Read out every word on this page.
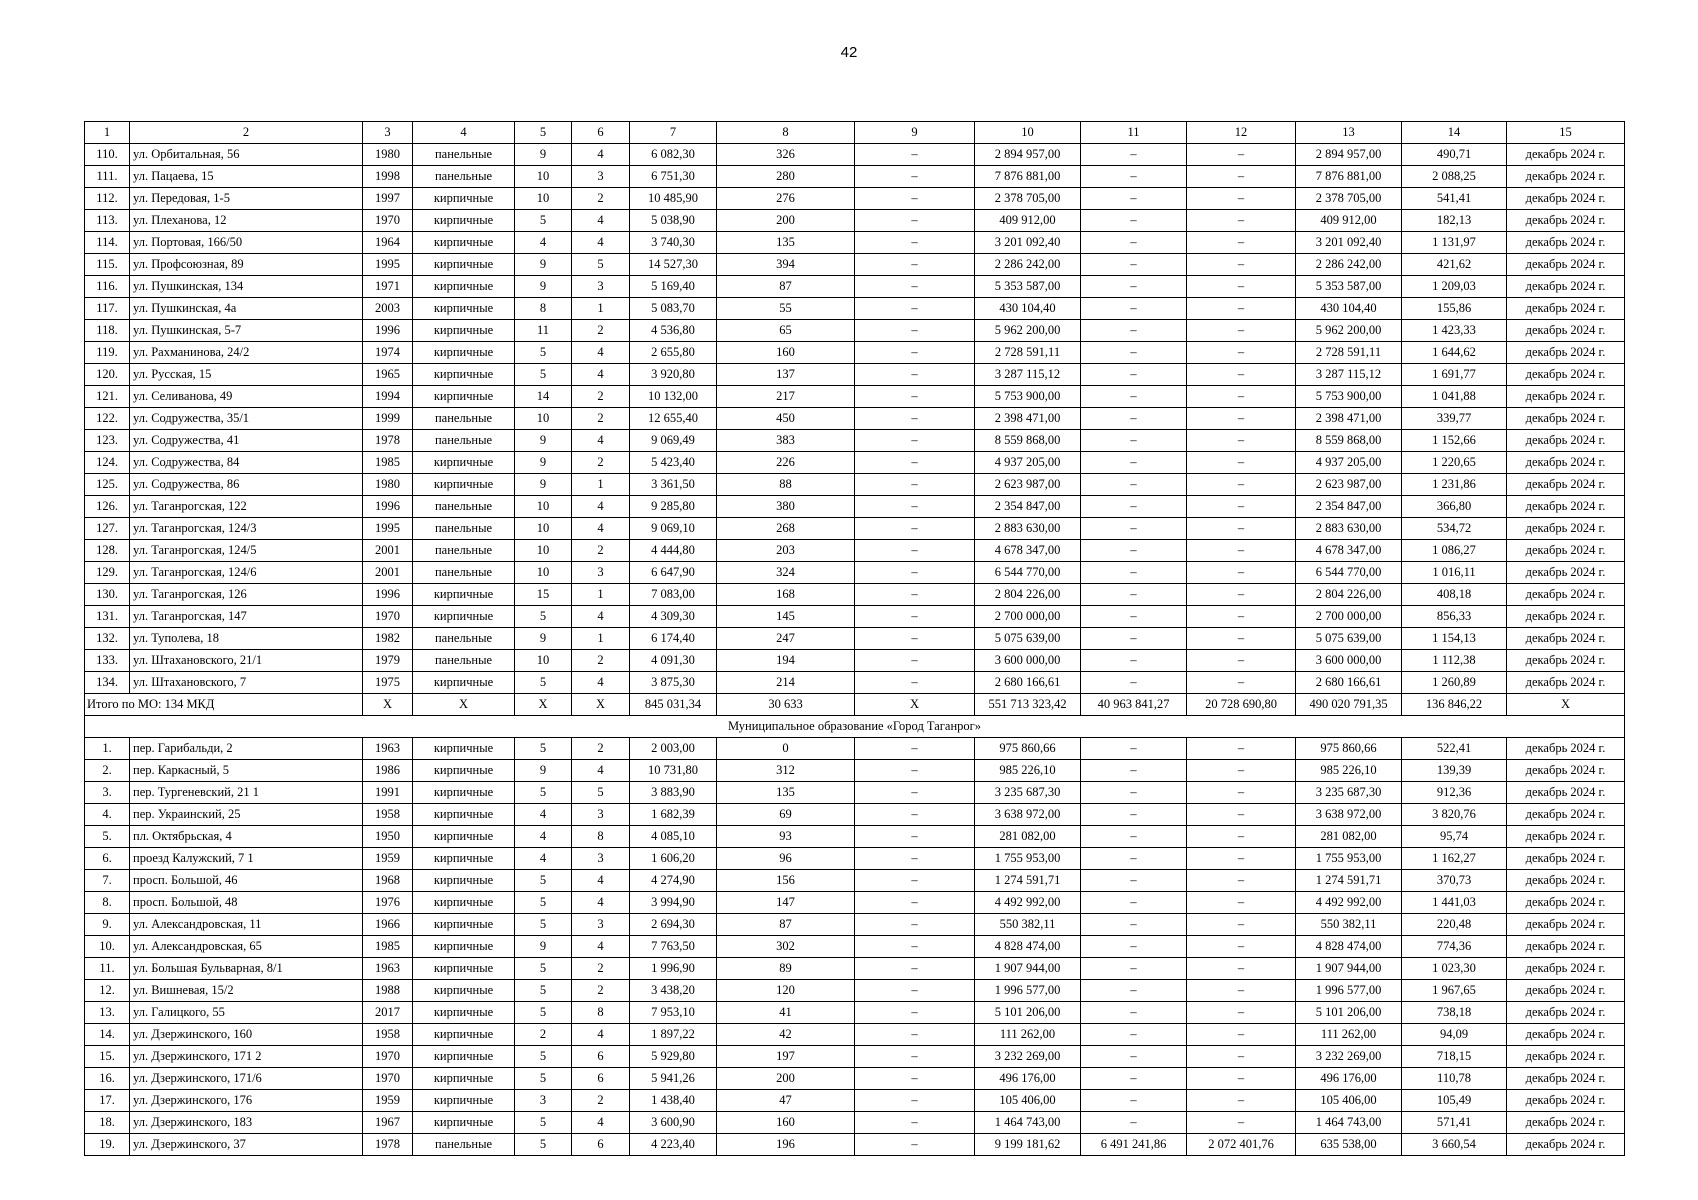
42
1	2	3	4	5	6	7	8	9	10	11	12	13	14	15
110.	ул. Орбитальная, 56	1980	панельные	9	4	6 082,30	326	–	2 894 957,00	–	–	2 894 957,00	490,71	декабрь 2024 г.
111.	ул. Пацаева, 15	1998	панельные	10	3	6 751,30	280	–	7 876 881,00	–	–	7 876 881,00	2 088,25	декабрь 2024 г.
112.	ул. Передовая, 1-5	1997	кирпичные	10	2	10 485,90	276	–	2 378 705,00	–	–	2 378 705,00	541,41	декабрь 2024 г.
113.	ул. Плеханова, 12	1970	кирпичные	5	4	5 038,90	200	–	409 912,00	–	–	409 912,00	182,13	декабрь 2024 г.
114.	ул. Портовая, 166/50	1964	кирпичные	4	4	3 740,30	135	–	3 201 092,40	–	–	3 201 092,40	1 131,97	декабрь 2024 г.
115.	ул. Профсоюзная, 89	1995	кирпичные	9	5	14 527,30	394	–	2 286 242,00	–	–	2 286 242,00	421,62	декабрь 2024 г.
116.	ул. Пушкинская, 134	1971	кирпичные	9	3	5 169,40	87	–	5 353 587,00	–	–	5 353 587,00	1 209,03	декабрь 2024 г.
117.	ул. Пушкинская, 4а	2003	кирпичные	8	1	5 083,70	55	–	430 104,40	–	–	430 104,40	155,86	декабрь 2024 г.
118.	ул. Пушкинская, 5-7	1996	кирпичные	11	2	4 536,80	65	–	5 962 200,00	–	–	5 962 200,00	1 423,33	декабрь 2024 г.
119.	ул. Рахманинова, 24/2	1974	кирпичные	5	4	2 655,80	160	–	2 728 591,11	–	–	2 728 591,11	1 644,62	декабрь 2024 г.
120.	ул. Русская, 15	1965	кирпичные	5	4	3 920,80	137	–	3 287 115,12	–	–	3 287 115,12	1 691,77	декабрь 2024 г.
121.	ул. Селиванова, 49	1994	кирпичные	14	2	10 132,00	217	–	5 753 900,00	–	–	5 753 900,00	1 041,88	декабрь 2024 г.
122.	ул. Содружества, 35/1	1999	панельные	10	2	12 655,40	450	–	2 398 471,00	–	–	2 398 471,00	339,77	декабрь 2024 г.
123.	ул. Содружества, 41	1978	панельные	9	4	9 069,49	383	–	8 559 868,00	–	–	8 559 868,00	1 152,66	декабрь 2024 г.
124.	ул. Содружества, 84	1985	кирпичные	9	2	5 423,40	226	–	4 937 205,00	–	–	4 937 205,00	1 220,65	декабрь 2024 г.
125.	ул. Содружества, 86	1980	кирпичные	9	1	3 361,50	88	–	2 623 987,00	–	–	2 623 987,00	1 231,86	декабрь 2024 г.
126.	ул. Таганрогская, 122	1996	панельные	10	4	9 285,80	380	–	2 354 847,00	–	–	2 354 847,00	366,80	декабрь 2024 г.
127.	ул. Таганрогская, 124/3	1995	панельные	10	4	9 069,10	268	–	2 883 630,00	–	–	2 883 630,00	534,72	декабрь 2024 г.
128.	ул. Таганрогская, 124/5	2001	панельные	10	2	4 444,80	203	–	4 678 347,00	–	–	4 678 347,00	1 086,27	декабрь 2024 г.
129.	ул. Таганрогская, 124/6	2001	панельные	10	3	6 647,90	324	–	6 544 770,00	–	–	6 544 770,00	1 016,11	декабрь 2024 г.
130.	ул. Таганрогская, 126	1996	кирпичные	15	1	7 083,00	168	–	2 804 226,00	–	–	2 804 226,00	408,18	декабрь 2024 г.
131.	ул. Таганрогская, 147	1970	кирпичные	5	4	4 309,30	145	–	2 700 000,00	–	–	2 700 000,00	856,33	декабрь 2024 г.
132.	ул. Туполева, 18	1982	панельные	9	1	6 174,40	247	–	5 075 639,00	–	–	5 075 639,00	1 154,13	декабрь 2024 г.
133.	ул. Штахановского, 21/1	1979	панельные	10	2	4 091,30	194	–	3 600 000,00	–	–	3 600 000,00	1 112,38	декабрь 2024 г.
134.	ул. Штахановского, 7	1975	кирпичные	5	4	3 875,30	214	–	2 680 166,61	–	–	2 680 166,61	1 260,89	декабрь 2024 г.
Итого по МО: 134 МКД		Х	Х	Х	Х	845 031,34	30 633	Х	551 713 323,42	40 963 841,27	20 728 690,80	490 020 791,35	136 846,22	Х
Муниципальное образование «Город Таганрог»														
1.	пер. Гарибальди, 2	1963	кирпичные	5	2	2 003,00	0	–	975 860,66	–	–	975 860,66	522,41	декабрь 2024 г.
2.	пер. Каркасный, 5	1986	кирпичные	9	4	10 731,80	312	–	985 226,10	–	–	985 226,10	139,39	декабрь 2024 г.
3.	пер. Тургеневский, 21 1	1991	кирпичные	5	5	3 883,90	135	–	3 235 687,30	–	–	3 235 687,30	912,36	декабрь 2024 г.
4.	пер. Украинский, 25	1958	кирпичные	4	3	1 682,39	69	–	3 638 972,00	–	–	3 638 972,00	3 820,76	декабрь 2024 г.
5.	пл. Октябрьская, 4	1950	кирпичные	4	8	4 085,10	93	–	281 082,00	–	–	281 082,00	95,74	декабрь 2024 г.
6.	проезд Калужский, 7 1	1959	кирпичные	4	3	1 606,20	96	–	1 755 953,00	–	–	1 755 953,00	1 162,27	декабрь 2024 г.
7.	просп. Большой, 46	1968	кирпичные	5	4	4 274,90	156	–	1 274 591,71	–	–	1 274 591,71	370,73	декабрь 2024 г.
8.	просп. Большой, 48	1976	кирпичные	5	4	3 994,90	147	–	4 492 992,00	–	–	4 492 992,00	1 441,03	декабрь 2024 г.
9.	ул. Александровская, 11	1966	кирпичные	5	3	2 694,30	87	–	550 382,11	–	–	550 382,11	220,48	декабрь 2024 г.
10.	ул. Александровская, 65	1985	кирпичные	9	4	7 763,50	302	–	4 828 474,00	–	–	4 828 474,00	774,36	декабрь 2024 г.
11.	ул. Большая Бульварная, 8/1	1963	кирпичные	5	2	1 996,90	89	–	1 907 944,00	–	–	1 907 944,00	1 023,30	декабрь 2024 г.
12.	ул. Вишневая, 15/2	1988	кирпичные	5	2	3 438,20	120	–	1 996 577,00	–	–	1 996 577,00	1 967,65	декабрь 2024 г.
13.	ул. Галицкого, 55	2017	кирпичные	5	8	7 953,10	41	–	5 101 206,00	–	–	5 101 206,00	738,18	декабрь 2024 г.
14.	ул. Дзержинского, 160	1958	кирпичные	2	4	1 897,22	42	–	111 262,00	–	–	111 262,00	94,09	декабрь 2024 г.
15.	ул. Дзержинского, 171 2	1970	кирпичные	5	6	5 929,80	197	–	3 232 269,00	–	–	3 232 269,00	718,15	декабрь 2024 г.
16.	ул. Дзержинского, 171/6	1970	кирпичные	5	6	5 941,26	200	–	496 176,00	–	–	496 176,00	110,78	декабрь 2024 г.
17.	ул. Дзержинского, 176	1959	кирпичные	3	2	1 438,40	47	–	105 406,00	–	–	105 406,00	105,49	декабрь 2024 г.
18.	ул. Дзержинского, 183	1967	кирпичные	5	4	3 600,90	160	–	1 464 743,00	–	–	1 464 743,00	571,41	декабрь 2024 г.
19.	ул. Дзержинского, 37	1978	панельные	5	6	4 223,40	196	–	9 199 181,62	6 491 241,86	2 072 401,76	635 538,00	3 660,54	декабрь 2024 г.
